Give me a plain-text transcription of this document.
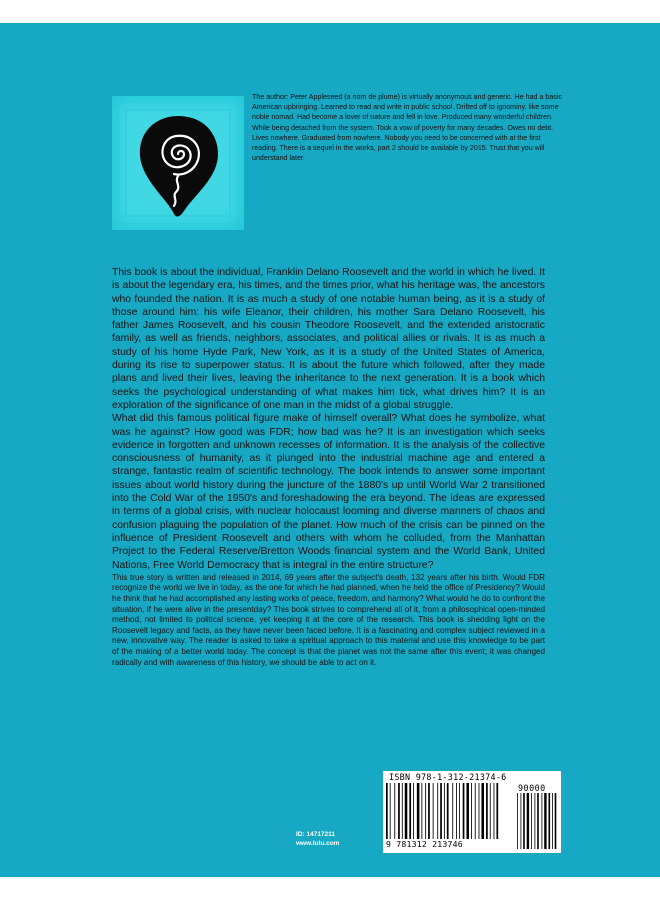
The author: Peter Appleseed (a nom de plume) is virtually anonymous and generic. He had a basic American upbringing. Learned to read and write in public school. Drifted off to ignominy, like some noble nomad. Had become a lover of nature and fell in love. Produced many wonderful children. While being detached from the system. Took a vow of poverty for many decades. Owes no debt. Lives nowhere. Graduated from nowhere. Nobody you need to be concerned with at the first reading. There is a sequel in the works, part 2 should be available by 2015. Trust that you will understand later.

This book is about the individual, Franklin Delano Roosevelt and the world in which he lived. It is about the legendary era, his times, and the times prior, what his heritage was, the ancestors who founded the nation. It is as much a study of one notable human being, as it is a study of those around him: his wife Eleanor, their children, his mother Sara Delano Roosevelt, his father James Roosevelt, and his cousin Theodore Roosevelt, and the extended aristocratic family, as well as friends, neighbors, associates, and political allies or rivals. It is as much a study of his home Hyde Park, New York, as it is a study of the United States of America, during its rise to superpower status. It is about the future which followed, after they made plans and lived their lives, leaving the inheritance to the next generation. It is a book which seeks the psychological understanding of what makes him tick, what drives him? It is an exploration of the significance of one man in the midst of a global struggle.

What did this famous political figure make of himself overall? What does he symbolize, what was he against? How good was FDR; how bad was he? It is an investigation which seeks evidence in forgotten and unknown recesses of information. It is the analysis of the collective consciousness of humanity, as it plunged into the industrial machine age and entered a strange, fantastic realm of scientific technology. The book intends to answer some important issues about world history during the juncture of the 1880's up until World War 2 transitioned into the Cold War of the 1950's and foreshadowing the era beyond. The ideas are expressed in terms of a global crisis, with nuclear holocaust looming and diverse manners of chaos and confusion plaguing the population of the planet. How much of the crisis can be pinned on the influence of President Roosevelt and others with whom he colluded, from the Manhattan Project to the Federal Reserve/Bretton Woods financial system and the World Bank, United Nations, Free World Democracy that is integral in the entire structure?

This true story is written and released in 2014, 69 years after the subject's death, 132 years after his birth. Would FDR recognize the world we live in today, as the one for which he had planned, when he held the office of Presidency? Would he think that he had accomplished any lasting works of peace, freedom, and harmony? What would he do to confront the situation, if he were alive in the presentday? This book strives to comprehend all of it, from a philosophical open-minded method, not limited to political science, yet keeping it at the core of the research. This book is shedding light on the Roosevelt legacy and facts, as they have never been faced before. It is a fascinating and complex subject reviewed in a new, innovative way. The reader is asked to take a spiritual approach to this material and use this knowledge to be part of the making of a better world today. The concept is that the planet was not the same after this event; it was changed radically and with awareness of this history, we should be able to act on it.

ID: 14717211
www.lulu.com
ISBN 978-1-312-21374-6
90000
9 781312 213746
